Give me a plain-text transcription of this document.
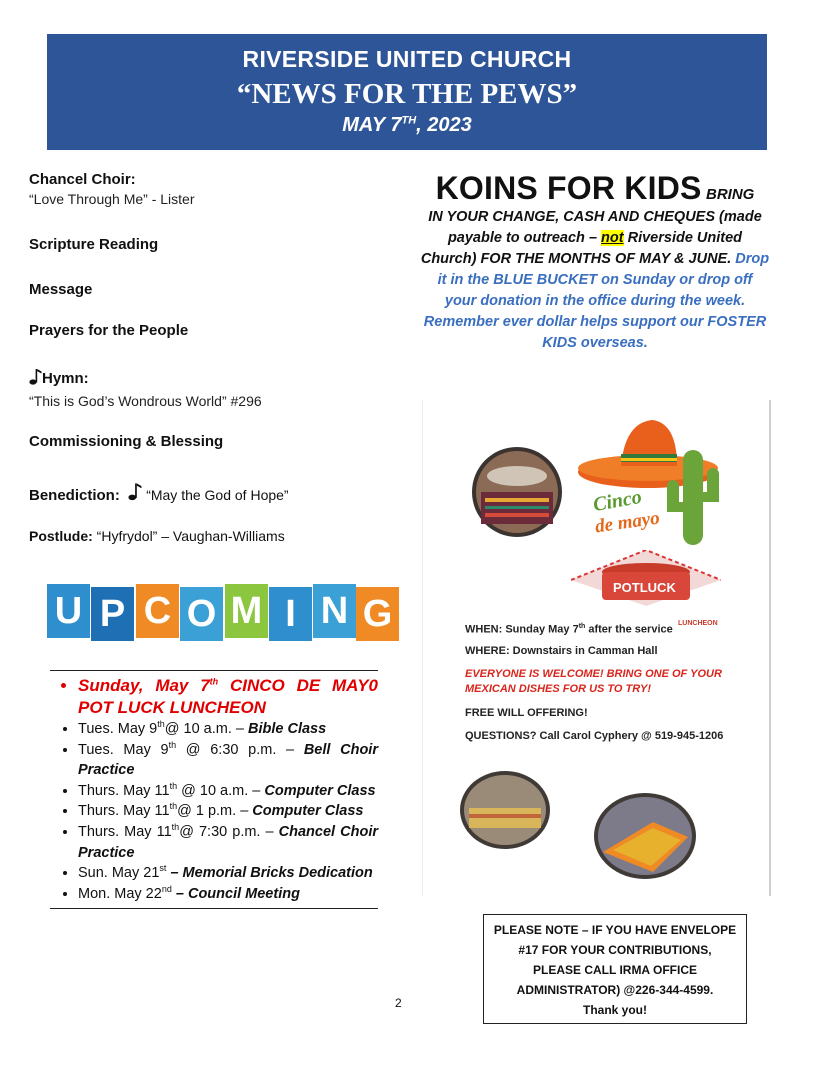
RIVERSIDE UNITED CHURCH
“NEWS FOR THE PEWS”
MAY 7TH, 2023
Chancel Choir:
“Love Through Me” - Lister
Scripture Reading
Message
Prayers for the People
Hymn:
“This is God’s Wondrous World” #296
Commissioning & Blessing
Benediction: “May the God of Hope”
Postlude: “Hyfrydol” – Vaughan-Williams
U P C O M I N G
• Sunday, May 7th CINCO DE MAY0 POT LUCK LUNCHEON
• Tues. May 9th@ 10 a.m. – Bible Class
• Tues. May 9th @ 6:30 p.m. – Bell Choir Practice
• Thurs. May 11th @ 10 a.m. – Computer Class
• Thurs. May 11th@ 1 p.m. – Computer Class
• Thurs. May 11th@ 7:30 p.m. – Chancel Choir Practice
• Sun. May 21st – Memorial Bricks Dedication
• Mon. May 22nd – Council Meeting
KOINS FOR KIDS BRING
IN YOUR CHANGE, CASH AND CHEQUES (made payable to outreach – not Riverside United Church) FOR THE MONTHS OF MAY & JUNE. Drop it in the BLUE BUCKET on Sunday or drop off your donation in the office during the week. Remember ever dollar helps support our FOSTER KIDS overseas.
Cinco
de mayo
POTLUCK
LUNCHEON
WHEN: Sunday May 7th after the service
WHERE: Downstairs in Camman Hall
EVERYONE IS WELCOME! BRING ONE OF YOUR MEXICAN DISHES FOR US TO TRY!
FREE WILL OFFERING!
QUESTIONS? Call Carol Cyphery @ 519-945-1206
PLEASE NOTE – IF YOU HAVE ENVELOPE
#17 FOR YOUR CONTRIBUTIONS,
PLEASE CALL IRMA OFFICE
ADMINISTRATOR) @226-344-4599.
Thank you!
2
